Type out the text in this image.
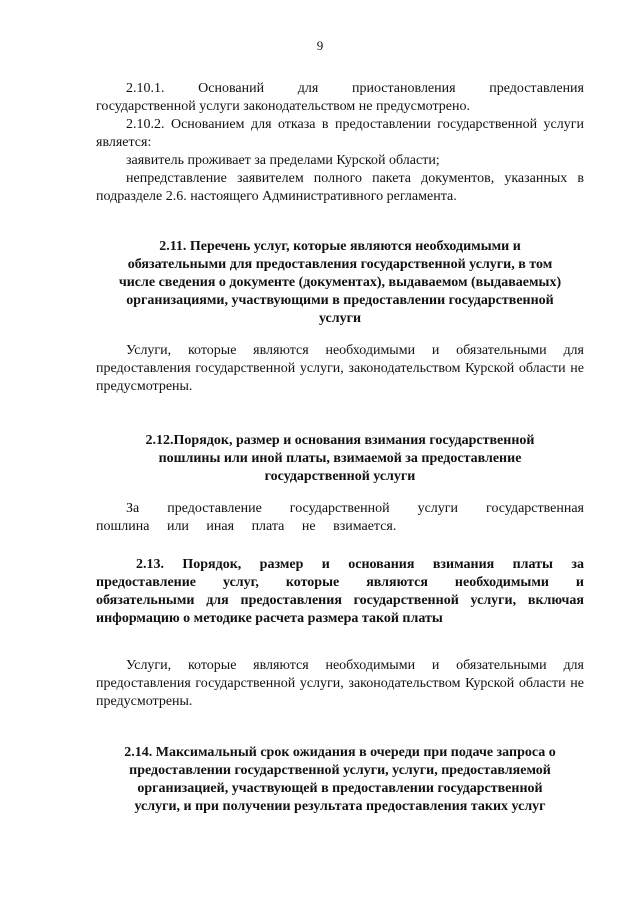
9

2.10.1. Оснований для приостановления предоставления
государственной услуги законодательством не предусмотрено.

2.10.2. Основанием для отказа в предоставлении государственной услуги является:

заявитель проживает за пределами Курской области;

непредставление заявителем полного пакета документов, указанных в подразделе 2.6. настоящего Административного регламента.

2.11. Перечень услуг, которые являются необходимыми и
обязательными для предоставления государственной услуги, в том
числе сведения о документе (документах), выдаваемом (выдаваемых)
организациями, участвующими в предоставлении государственной
услуги

Услуги, которые являются необходимыми и обязательными для предоставления государственной услуги, законодательством Курской области не предусмотрены.

2.12.Порядок, размер и основания взимания государственной
пошлины или иной платы, взимаемой за предоставление
государственной услуги

За предоставление государственной услуги государственная пошлина или иная плата не взимается.

2.13. Порядок, размер и основания взимания платы за
предоставление услуг, которые являются необходимыми и
обязательными для предоставления государственной услуги, включая
информацию о методике расчета размера такой платы

Услуги, которые являются необходимыми и обязательными для предоставления государственной услуги, законодательством Курской области не предусмотрены.

2.14. Максимальный срок ожидания в очереди при подаче запроса о
предоставлении государственной услуги, услуги, предоставляемой
организацией, участвующей в предоставлении государственной
услуги, и при получении результата предоставления таких услуг
